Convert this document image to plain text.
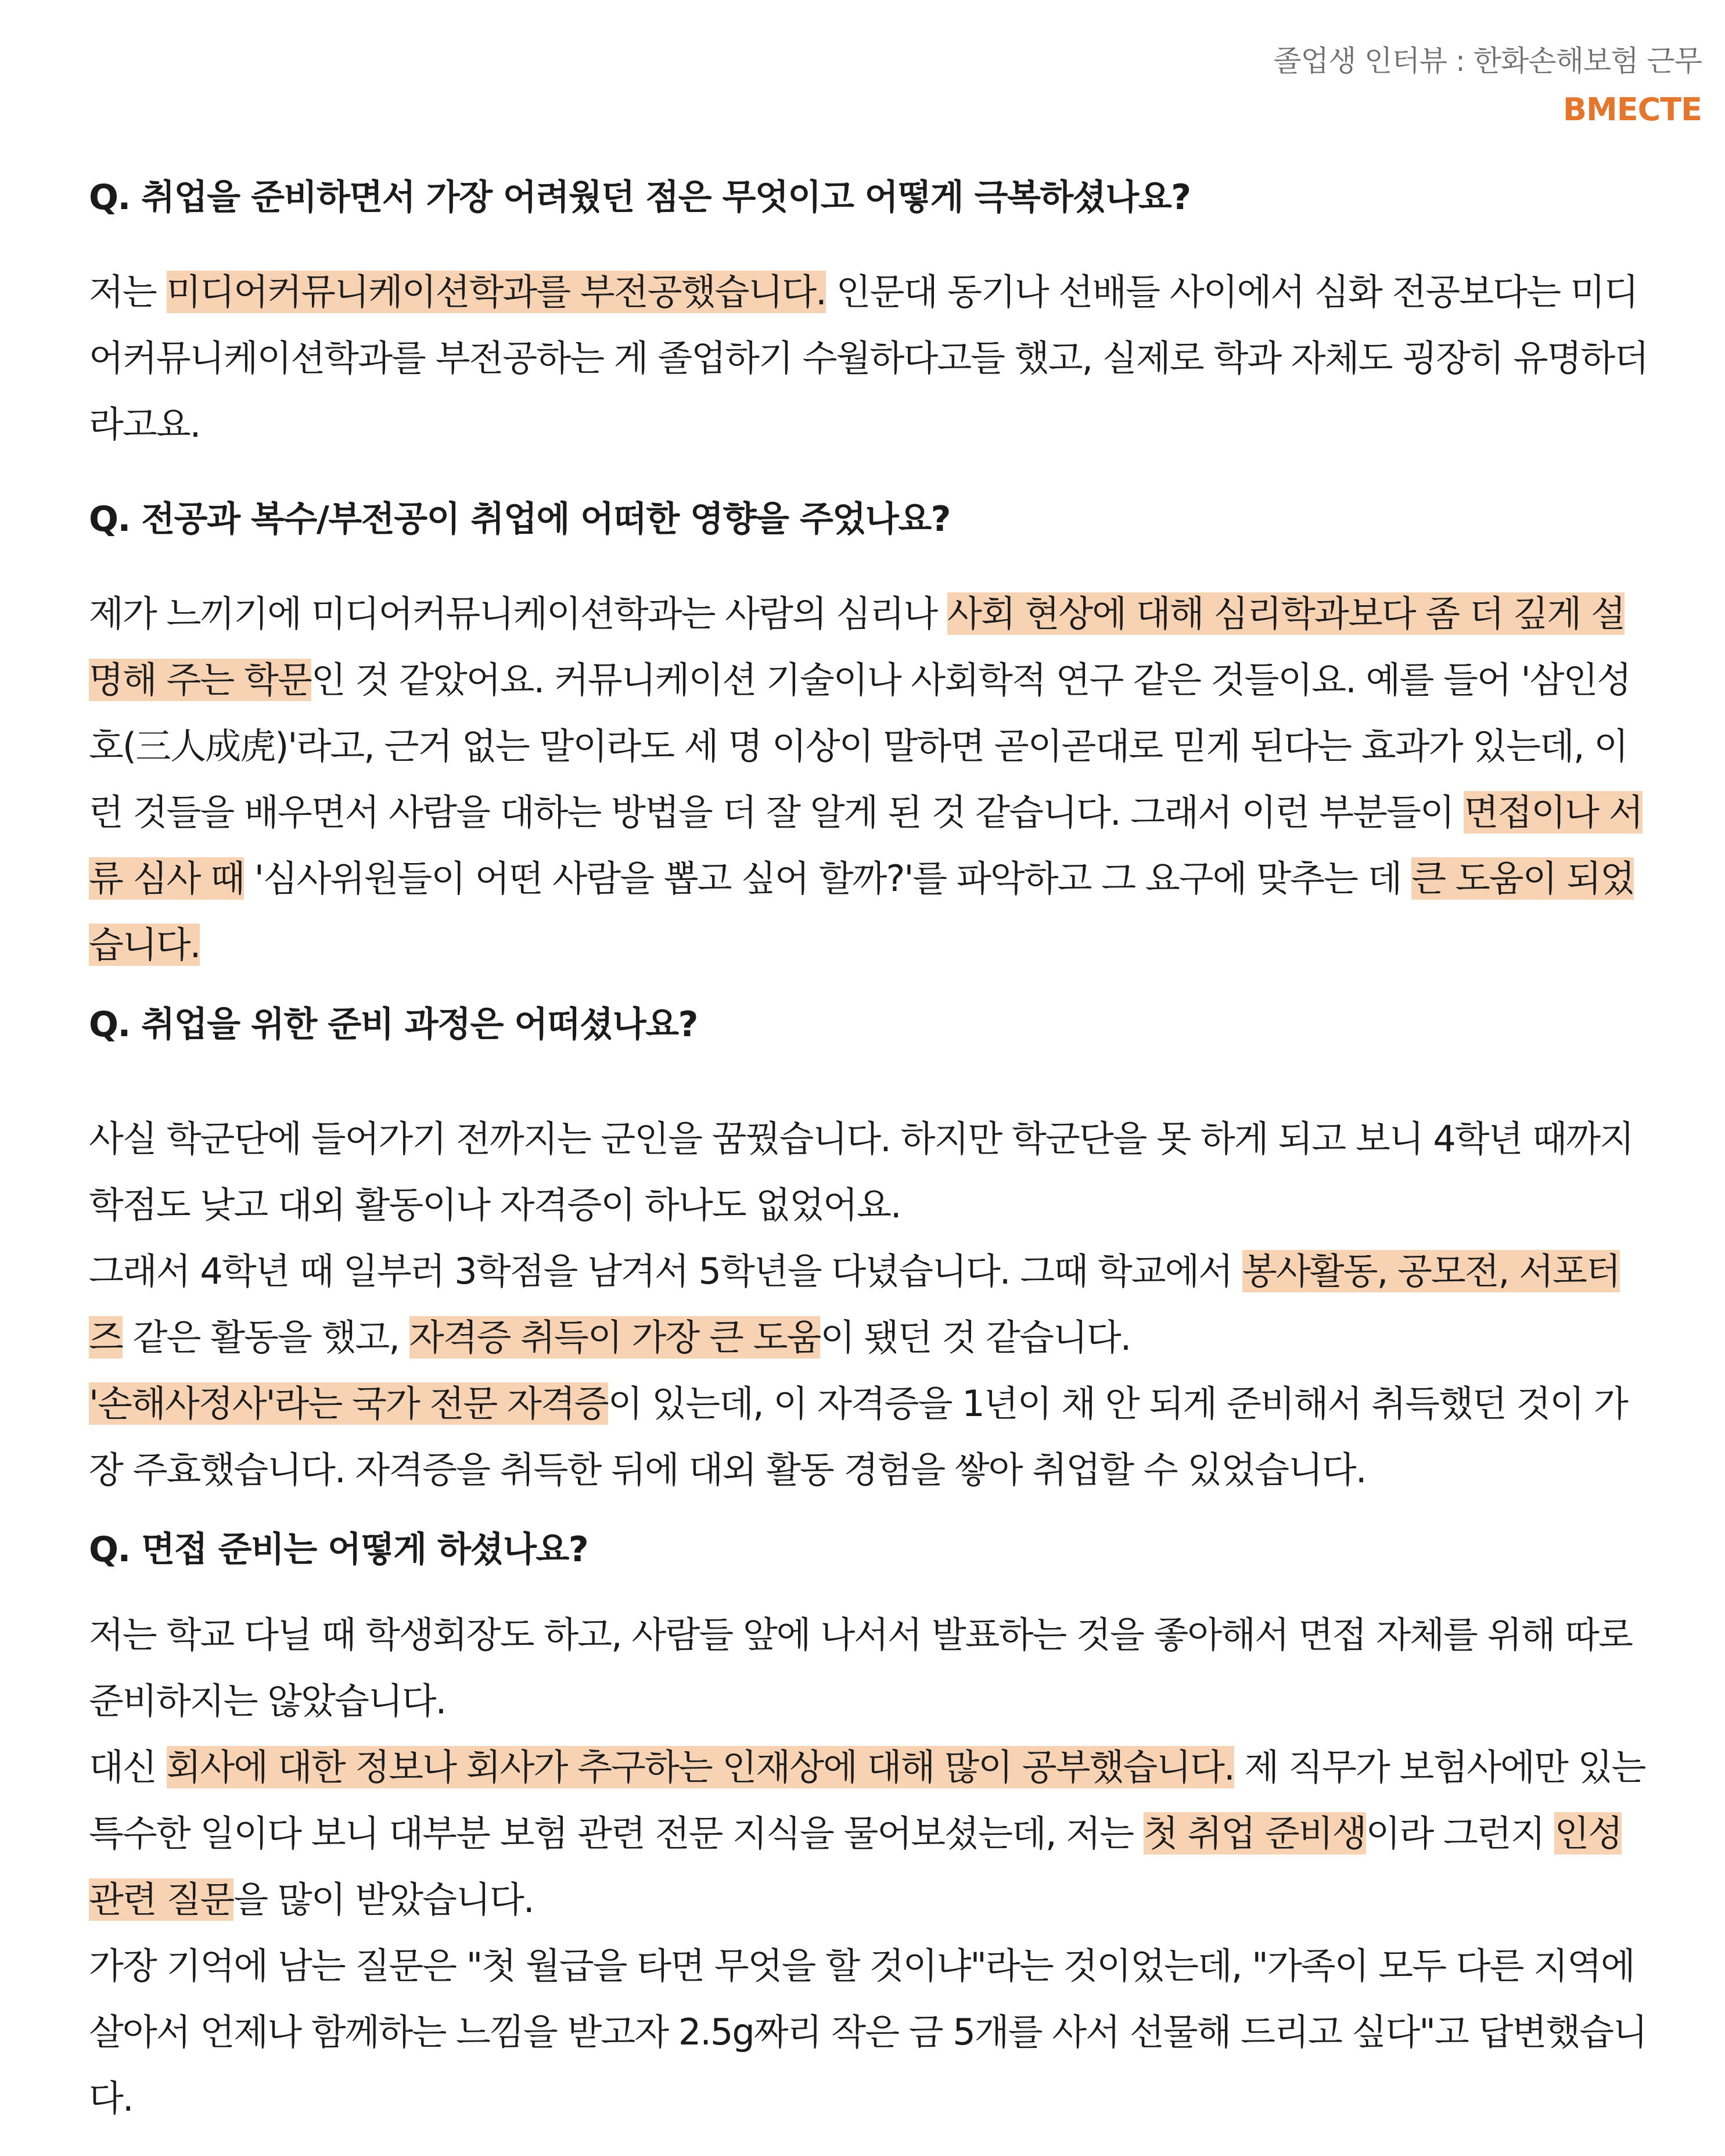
졸업생 인터뷰 : 한화손해보험 근무
BMECTE
Q. 취업을 준비하면서 가장 어려웠던 점은 무엇이고 어떻게 극복하셨나요?

저는 미디어커뮤니케이션학과를 부전공했습니다. 인문대 동기나 선배들 사이에서 심화 전공보다는 미디어커뮤니케이션학과를 부전공하는 게 졸업하기 수월하다고들 했고, 실제로 학과 자체도 굉장히 유명하더라고요.

Q. 전공과 복수/부전공이 취업에 어떠한 영향을 주었나요?

제가 느끼기에 미디어커뮤니케이션학과는 사람의 심리나 사회 현상에 대해 심리학과보다 좀 더 깊게 설명해 주는 학문인 것 같았어요. 커뮤니케이션 기술이나 사회학적 연구 같은 것들이요. 예를 들어 '삼인성호(三人成虎)'라고, 근거 없는 말이라도 세 명 이상이 말하면 곧이곧대로 믿게 된다는 효과가 있는데, 이런 것들을 배우면서 사람을 대하는 방법을 더 잘 알게 된 것 같습니다. 그래서 이런 부분들이 면접이나 서류 심사 때 '심사위원들이 어떤 사람을 뽑고 싶어 할까?'를 파악하고 그 요구에 맞추는 데 큰 도움이 되었습니다.

Q. 취업을 위한 준비 과정은 어떠셨나요?

사실 학군단에 들어가기 전까지는 군인을 꿈꿨습니다. 하지만 학군단을 못 하게 되고 보니 4학년 때까지 학점도 낮고 대외 활동이나 자격증이 하나도 없었어요.

그래서 4학년 때 일부러 3학점을 남겨서 5학년을 다녔습니다. 그때 학교에서 봉사활동, 공모전, 서포터즈 같은 활동을 했고, 자격증 취득이 가장 큰 도움이 됐던 것 같습니다.

'손해사정사'라는 국가 전문 자격증이 있는데, 이 자격증을 1년이 채 안 되게 준비해서 취득했던 것이 가장 주효했습니다. 자격증을 취득한 뒤에 대외 활동 경험을 쌓아 취업할 수 있었습니다.

Q. 면접 준비는 어떻게 하셨나요?

저는 학교 다닐 때 학생회장도 하고, 사람들 앞에 나서서 발표하는 것을 좋아해서 면접 자체를 위해 따로 준비하지는 않았습니다.

대신 회사에 대한 정보나 회사가 추구하는 인재상에 대해 많이 공부했습니다. 제 직무가 보험사에만 있는 특수한 일이다 보니 대부분 보험 관련 전문 지식을 물어보셨는데, 저는 첫 취업 준비생이라 그런지 인성 관련 질문을 많이 받았습니다.

가장 기억에 남는 질문은 "첫 월급을 타면 무엇을 할 것이냐"라는 것이었는데, "가족이 모두 다른 지역에 살아서 언제나 함께하는 느낌을 받고자 2.5g짜리 작은 금 5개를 사서 선물해 드리고 싶다"고 답변했습니다.
